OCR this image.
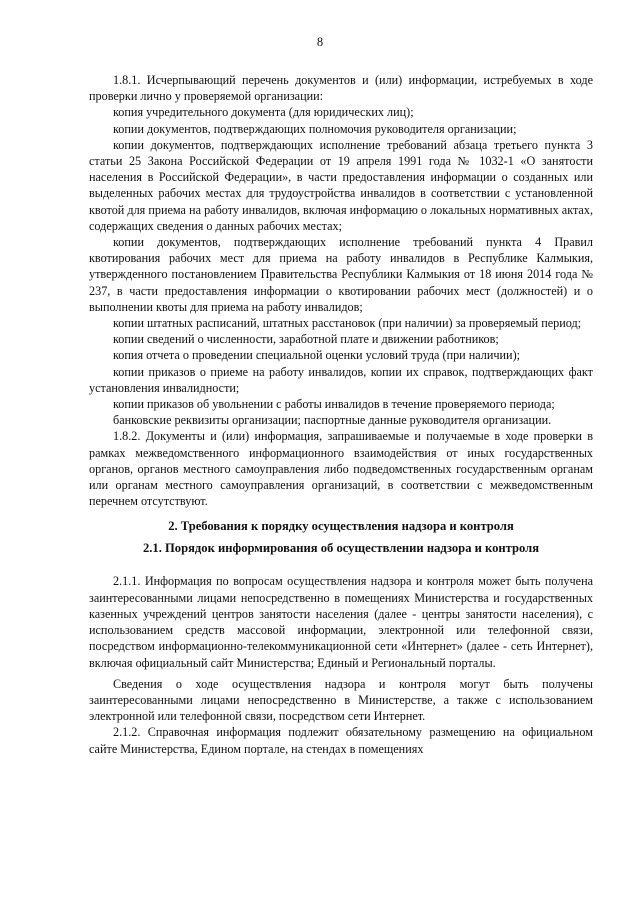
8

1.8.1. Исчерпывающий перечень документов и (или) информации, истребуемых в ходе проверки лично у проверяемой организации:

копия учредительного документа (для юридических лиц);

копии документов, подтверждающих полномочия руководителя организации;

копии документов, подтверждающих исполнение требований абзаца третьего пункта 3 статьи 25 Закона Российской Федерации от 19 апреля 1991 года № 1032-1 «О занятости населения в Российской Федерации», в части предоставления информации о созданных или выделенных рабочих местах для трудоустройства инвалидов в соответствии с установленной квотой для приема на работу инвалидов, включая информацию о локальных нормативных актах, содержащих сведения о данных рабочих местах;

копии документов, подтверждающих исполнение требований пункта 4 Правил квотирования рабочих мест для приема на работу инвалидов в Республике Калмыкия, утвержденного постановлением Правительства Республики Калмыкия от 18 июня 2014 года № 237, в части предоставления информации о квотировании рабочих мест (должностей) и о выполнении квоты для приема на работу инвалидов;

копии штатных расписаний, штатных расстановок (при наличии) за проверяемый период;

копии сведений о численности, заработной плате и движении работников;

копия отчета о проведении специальной оценки условий труда (при наличии);

копии приказов о приеме на работу инвалидов, копии их справок, подтверждающих факт установления инвалидности;

копии приказов об увольнении с работы инвалидов в течение проверяемого периода;

банковские реквизиты организации; паспортные данные руководителя организации.

1.8.2. Документы и (или) информация, запрашиваемые и получаемые в ходе проверки в рамках межведомственного информационного взаимодействия от иных государственных органов, органов местного самоуправления либо подведомственных государственным органам или органам местного самоуправления организаций, в соответствии с межведомственным перечнем отсутствуют.

2. Требования к порядку осуществления надзора и контроля
2.1. Порядок информирования об осуществлении надзора и контроля

2.1.1. Информация по вопросам осуществления надзора и контроля может быть получена заинтересованными лицами непосредственно в помещениях Министерства и государственных казенных учреждений центров занятости населения (далее - центры занятости населения), с использованием средств массовой информации, электронной или телефонной связи, посредством информационно-телекоммуникационной сети «Интернет» (далее - сеть Интернет), включая официальный сайт Министерства; Единый и Региональный порталы.

Сведения о ходе осуществления надзора и контроля могут быть получены заинтересованными лицами непосредственно в Министерстве, а также с использованием электронной или телефонной связи, посредством сети Интернет.

2.1.2. Справочная информация подлежит обязательному размещению на официальном сайте Министерства, Едином портале, на стендах в помещениях
